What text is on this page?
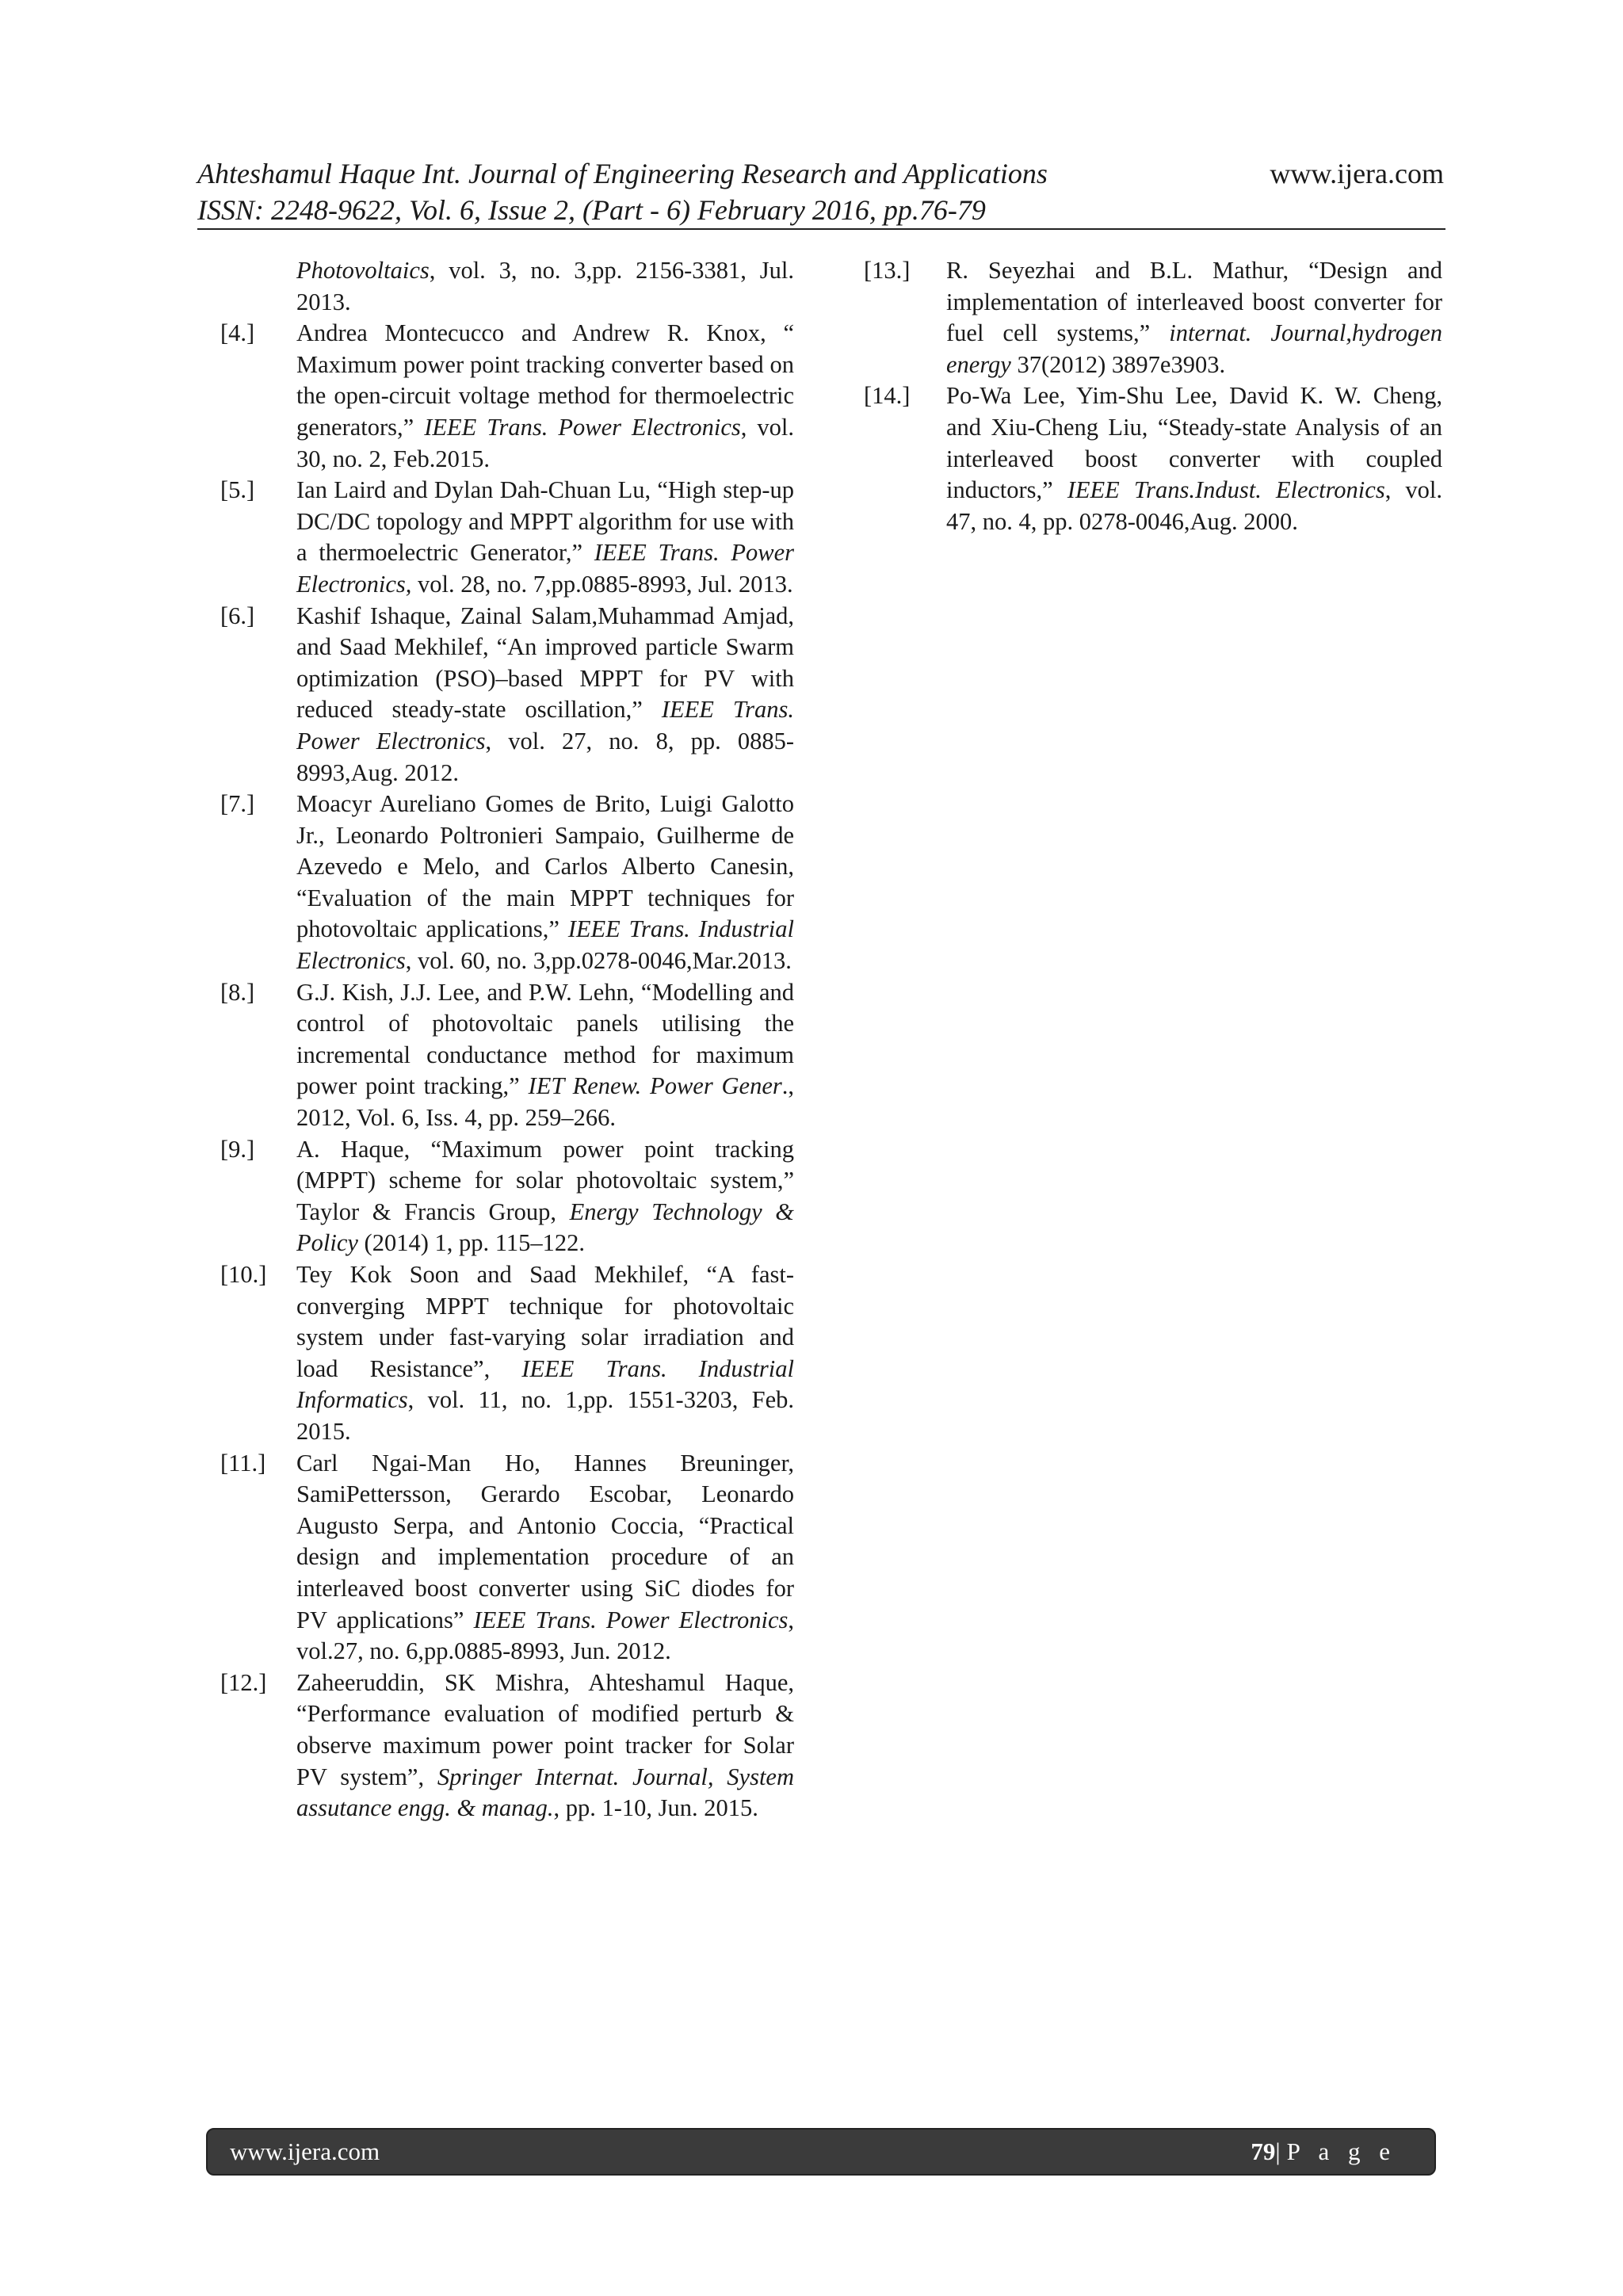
Ahteshamul Haque Int. Journal of Engineering Research and Applications	www.ijera.com
ISSN: 2248-9622, Vol. 6, Issue 2, (Part - 6) February 2016, pp.76-79
Photovoltaics, vol. 3, no. 3,pp. 2156-3381, Jul. 2013.
[4.] Andrea Montecucco and Andrew R. Knox, “ Maximum power point tracking converter based on the open-circuit voltage method for thermoelectric generators,” IEEE Trans. Power Electronics, vol. 30, no. 2, Feb.2015.
[5.] Ian Laird and Dylan Dah-Chuan Lu, “High step-up DC/DC topology and MPPT algorithm for use with a thermoelectric Generator,” IEEE Trans. Power Electronics, vol. 28, no. 7,pp.0885-8993, Jul. 2013.
[6.] Kashif Ishaque, Zainal Salam,Muhammad Amjad, and Saad Mekhilef, “An improved particle Swarm optimization (PSO)–based MPPT for PV with reduced steady-state oscillation,” IEEE Trans. Power Electronics, vol. 27, no. 8, pp. 0885-8993,Aug. 2012.
[7.] Moacyr Aureliano Gomes de Brito, Luigi Galotto Jr., Leonardo Poltronieri Sampaio, Guilherme de Azevedo e Melo, and Carlos Alberto Canesin, “Evaluation of the main MPPT techniques for photovoltaic applications,” IEEE Trans. Industrial Electronics, vol. 60, no. 3,pp.0278-0046,Mar.2013.
[8.] G.J. Kish, J.J. Lee, and P.W. Lehn, “Modelling and control of photovoltaic panels utilising the incremental conductance method for maximum power point tracking,” IET Renew. Power Gener., 2012, Vol. 6, Iss. 4, pp. 259–266.
[9.] A. Haque, “Maximum power point tracking (MPPT) scheme for solar photovoltaic system,” Taylor & Francis Group, Energy Technology & Policy (2014) 1, pp. 115–122.
[10.] Tey Kok Soon and Saad Mekhilef, “A fast-converging MPPT technique for photovoltaic system under fast-varying solar irradiation and load Resistance”, IEEE Trans. Industrial Informatics, vol. 11, no. 1,pp. 1551-3203, Feb. 2015.
[11.] Carl Ngai-Man Ho, Hannes Breuninger, SamiPettersson, Gerardo Escobar, Leonardo Augusto Serpa, and Antonio Coccia, “Practical design and implementation procedure of an interleaved boost converter using SiC diodes for PV applications” IEEE Trans. Power Electronics, vol.27, no. 6,pp.0885-8993, Jun. 2012.
[12.] Zaheeruddin, SK Mishra, Ahteshamul Haque, “Performance evaluation of modified perturb & observe maximum power point tracker for Solar PV system”, Springer Internat. Journal, System assutance engg. & manag., pp. 1-10, Jun. 2015.
[13.] R. Seyezhai and B.L. Mathur, “Design and implementation of interleaved boost converter for fuel cell systems,” internat. Journal,hydrogen energy 37(2012) 3897e3903.
[14.] Po-Wa Lee, Yim-Shu Lee, David K. W. Cheng, and Xiu-Cheng Liu, “Steady-state Analysis of an interleaved boost converter with coupled inductors,” IEEE Trans.Indust. Electronics, vol. 47, no. 4, pp. 0278-0046,Aug. 2000.
www.ijera.com	79|P a g e
